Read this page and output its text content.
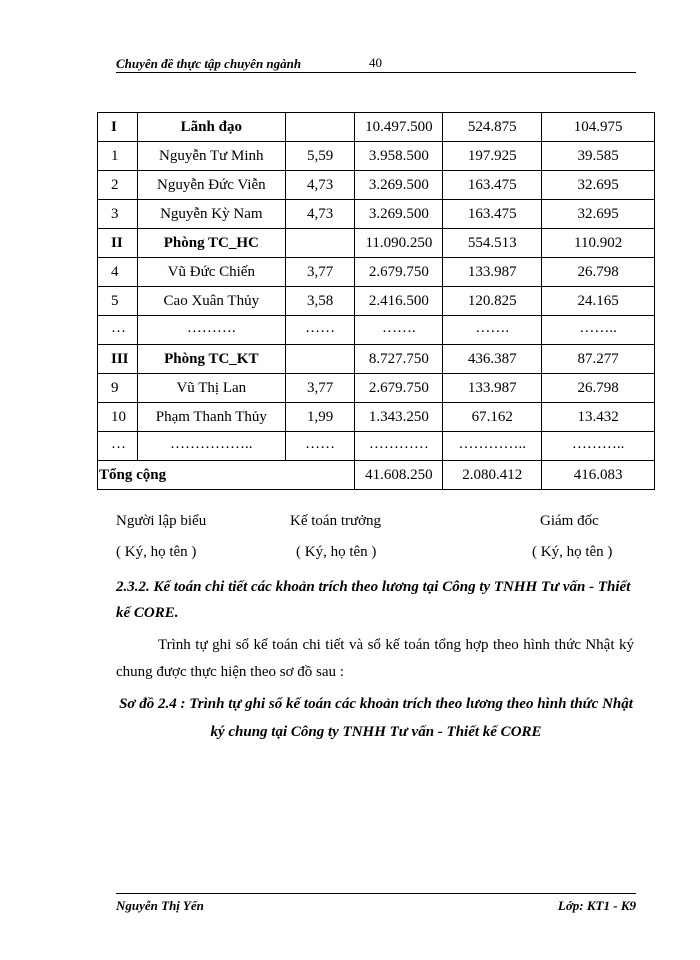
Chuyên đề thực tập chuyên ngành	40
I	Lãnh đạo		10.497.500	524.875	104.975
1	Nguyễn Tư Minh	5,59	3.958.500	197.925	39.585
2	Nguyễn Đức Viễn	4,73	3.269.500	163.475	32.695
3	Nguyễn Kỳ Nam	4,73	3.269.500	163.475	32.695
II	Phòng TC_HC		11.090.250	554.513	110.902
4	Vũ Đức Chiến	3,77	2.679.750	133.987	26.798
5	Cao Xuân Thủy	3,58	2.416.500	120.825	24.165
…	……….	……	…….	…….	……..
III	Phòng TC_KT		8.727.750	436.387	87.277
9	Vũ Thị Lan	3,77	2.679.750	133.987	26.798
10	Phạm Thanh Thủy	1,99	1.343.250	67.162	13.432
…	……………..	……	…………	…………..	………..
Tổng cộng			41.608.250	2.080.412	416.083
Người lập biểu	Kế toán trưởng	Giám đốc
( Ký, họ tên )	( Ký, họ tên )	( Ký, họ tên )
2.3.2. Kế toán chi tiết các khoản trích theo lương tại Công ty TNHH Tư vấn - Thiết kế CORE.
Trình tự ghi sổ kế toán chi tiết và sổ kế toán tổng hợp theo hình thức Nhật ký chung được thực hiện theo sơ đồ sau :
Sơ đồ 2.4 : Trình tự ghi sổ kế toán các khoản trích theo lương theo hình thức Nhật ký chung tại Công ty TNHH Tư vấn - Thiết kế CORE
Nguyễn Thị Yến	Lớp: KT1 - K9
